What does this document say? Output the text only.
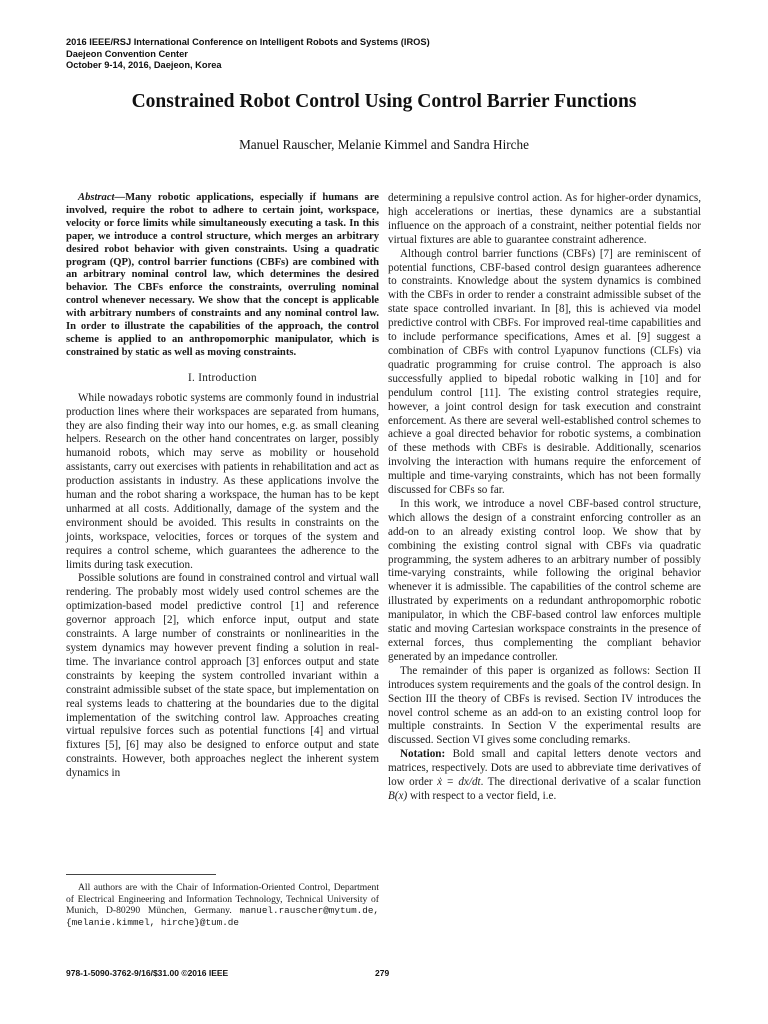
2016 IEEE/RSJ International Conference on Intelligent Robots and Systems (IROS)
Daejeon Convention Center
October 9-14, 2016, Daejeon, Korea
Constrained Robot Control Using Control Barrier Functions
Manuel Rauscher, Melanie Kimmel and Sandra Hirche

Abstract—Many robotic applications, especially if humans are involved, require the robot to adhere to certain joint, workspace, velocity or force limits while simultaneously executing a task. In this paper, we introduce a control structure, which merges an arbitrary desired robot behavior with given constraints. Using a quadratic program (QP), control barrier functions (CBFs) are combined with an arbitrary nominal control law, which determines the desired behavior. The CBFs enforce the constraints, overruling nominal control whenever necessary. We show that the concept is applicable with arbitrary numbers of constraints and any nominal control law. In order to illustrate the capabilities of the approach, the control scheme is applied to an anthropomorphic manipulator, which is constrained by static as well as moving constraints.

I. Introduction

While nowadays robotic systems are commonly found in industrial production lines where their workspaces are separated from humans, they are also finding their way into our homes, e.g. as small cleaning helpers. Research on the other hand concentrates on larger, possibly humanoid robots, which may serve as mobility or household assistants, carry out exercises with patients in rehabilitation and act as production assistants in industry. As these applications involve the human and the robot sharing a workspace, the human has to be kept unharmed at all costs. Additionally, damage of the system and the environment should be avoided. This results in constraints on the joints, workspace, velocities, forces or torques of the system and requires a control scheme, which guarantees the adherence to the limits during task execution.

Possible solutions are found in constrained control and virtual wall rendering. The probably most widely used control schemes are the optimization-based model predictive control [1] and reference governor approach [2], which enforce input, output and state constraints. A large number of constraints or nonlinearities in the system dynamics may however prevent finding a solution in real-time. The invariance control approach [3] enforces output and state constraints by keeping the system controlled invariant within a constraint admissible subset of the state space, but implementation on real systems leads to chattering at the boundaries due to the digital implementation of the switching control law. Approaches creating virtual repulsive forces such as potential functions [4] and virtual fixtures [5], [6] may also be designed to enforce output and state constraints. However, both approaches neglect the inherent system dynamics in

All authors are with the Chair of Information-Oriented Control, Department of Electrical Engineering and Information Technology, Technical University of Munich, D-80290 München, Germany. manuel.rauscher@mytum.de, {melanie.kimmel, hirche}@tum.de

determining a repulsive control action. As for higher-order dynamics, high accelerations or inertias, these dynamics are a substantial influence on the approach of a constraint, neither potential fields nor virtual fixtures are able to guarantee constraint adherence.

Although control barrier functions (CBFs) [7] are reminiscent of potential functions, CBF-based control design guarantees adherence to constraints. Knowledge about the system dynamics is combined with the CBFs in order to render a constraint admissible subset of the state space controlled invariant. In [8], this is achieved via model predictive control with CBFs. For improved real-time capabilities and to include performance specifications, Ames et al. [9] suggest a combination of CBFs with control Lyapunov functions (CLFs) via quadratic programming for cruise control. The approach is also successfully applied to bipedal robotic walking in [10] and for pendulum control [11]. The existing control strategies require, however, a joint control design for task execution and constraint enforcement. As there are several well-established control schemes to achieve a goal directed behavior for robotic systems, a combination of these methods with CBFs is desirable. Additionally, scenarios involving the interaction with humans require the enforcement of multiple and time-varying constraints, which has not been formally discussed for CBFs so far.

In this work, we introduce a novel CBF-based control structure, which allows the design of a constraint enforcing controller as an add-on to an already existing control loop. We show that by combining the existing control signal with CBFs via quadratic programming, the system adheres to an arbitrary number of possibly time-varying constraints, while following the original behavior whenever it is admissible. The capabilities of the control scheme are illustrated by experiments on a redundant anthropomorphic robotic manipulator, in which the CBF-based control law enforces multiple static and moving Cartesian workspace constraints in the presence of external forces, thus complementing the compliant behavior generated by an impedance controller.

The remainder of this paper is organized as follows: Section II introduces system requirements and the goals of the control design. In Section III the theory of CBFs is revised. Section IV introduces the novel control scheme as an add-on to an existing control loop for multiple constraints. In Section V the experimental results are discussed. Section VI gives some concluding remarks.

Notation: Bold small and capital letters denote vectors and matrices, respectively. Dots are used to abbreviate time derivatives of low order ẋ = dx/dt. The directional derivative of a scalar function B(x) with respect to a vector field, i.e.

978-1-5090-3762-9/16/$31.00 ©2016 IEEE	279
